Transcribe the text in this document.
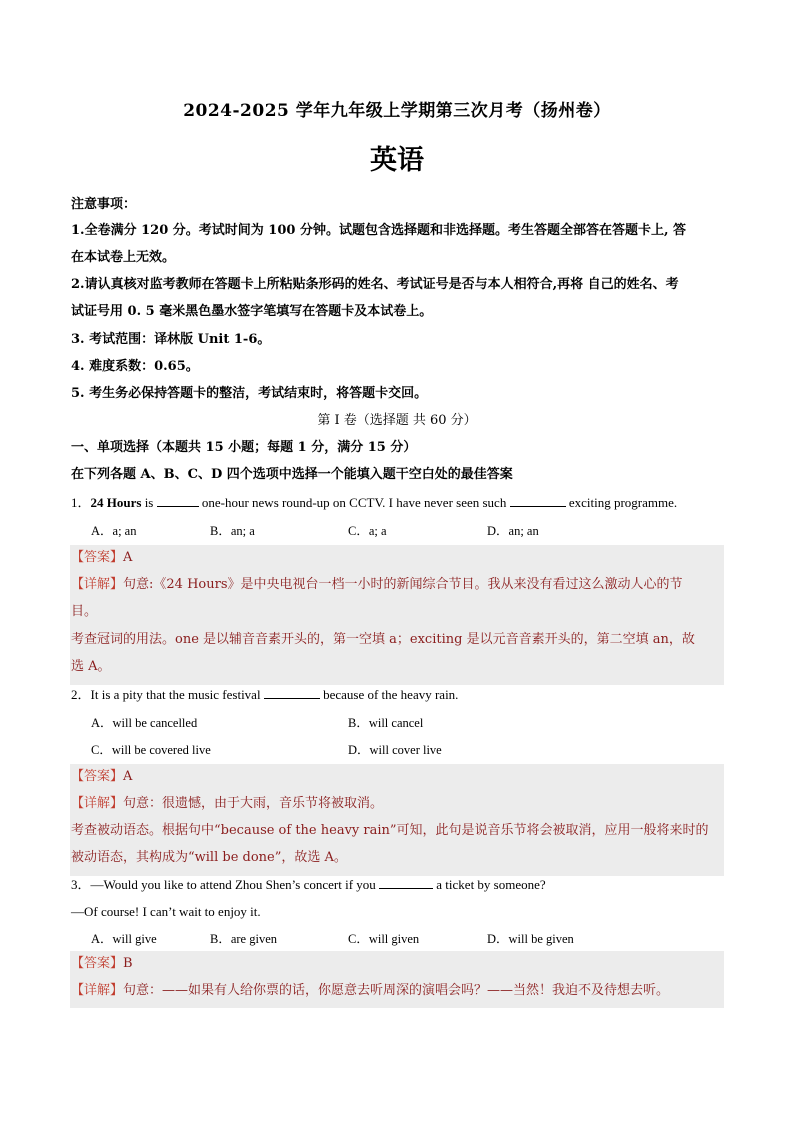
2024-2025 学年九年级上学期第三次月考（扬州卷）
英语
注意事项：
1.全卷满分 120 分。考试时间为 100 分钟。试题包含选择题和非选择题。考生答题全部答在答题卡上, 答
在本试卷上无效。
2.请认真核对监考教师在答题卡上所粘贴条形码的姓名、考试证号是否与本人相符合,再将 自己的姓名、考
试证号用 0. 5 毫米黑色墨水签字笔填写在答题卡及本试卷上。
3. 考试范围：译林版 Unit 1-6。
4. 难度系数：0.65。
5. 考生务必保持答题卡的整洁，考试结束时，将答题卡交回。
第 I 卷（选择题 共 60 分）
一、单项选择（本题共 15 小题；每题 1 分，满分 15 分）
在下列各题 A、B、C、D 四个选项中选择一个能填入题干空白处的最佳答案
1．24 Hours is	one-hour news round-up on CCTV. I have never seen such	exciting programme.
A．a; an	B．an; a	C．a; a	D．an; an
【答案】A
【详解】句意:《24 Hours》是中央电视台一档一小时的新闻综合节目。我从来没有看过这么激动人心的节
目。
考查冠词的用法。one 是以辅音音素开头的，第一空填 a；exciting 是以元音音素开头的，第二空填 an，故
选 A。
2．It is a pity that the music festival	because of the heavy rain.
A．will be cancelled	B．will cancel
C．will be covered live	D．will cover live
【答案】A
【详解】句意：很遗憾，由于大雨，音乐节将被取消。
考查被动语态。根据句中“because of the heavy rain”可知，此句是说音乐节将会被取消，应用一般将来时的
被动语态，其构成为“will be done”，故选 A。
3．—Would you like to attend Zhou Shen’s concert if you	a ticket by someone?
—Of course! I can’t wait to enjoy it.
A．will give	B．are given	C．will given	D．will be given
【答案】B
【详解】句意：——如果有人给你票的话，你愿意去听周深的演唱会吗？——当然！我迫不及待想去听。
